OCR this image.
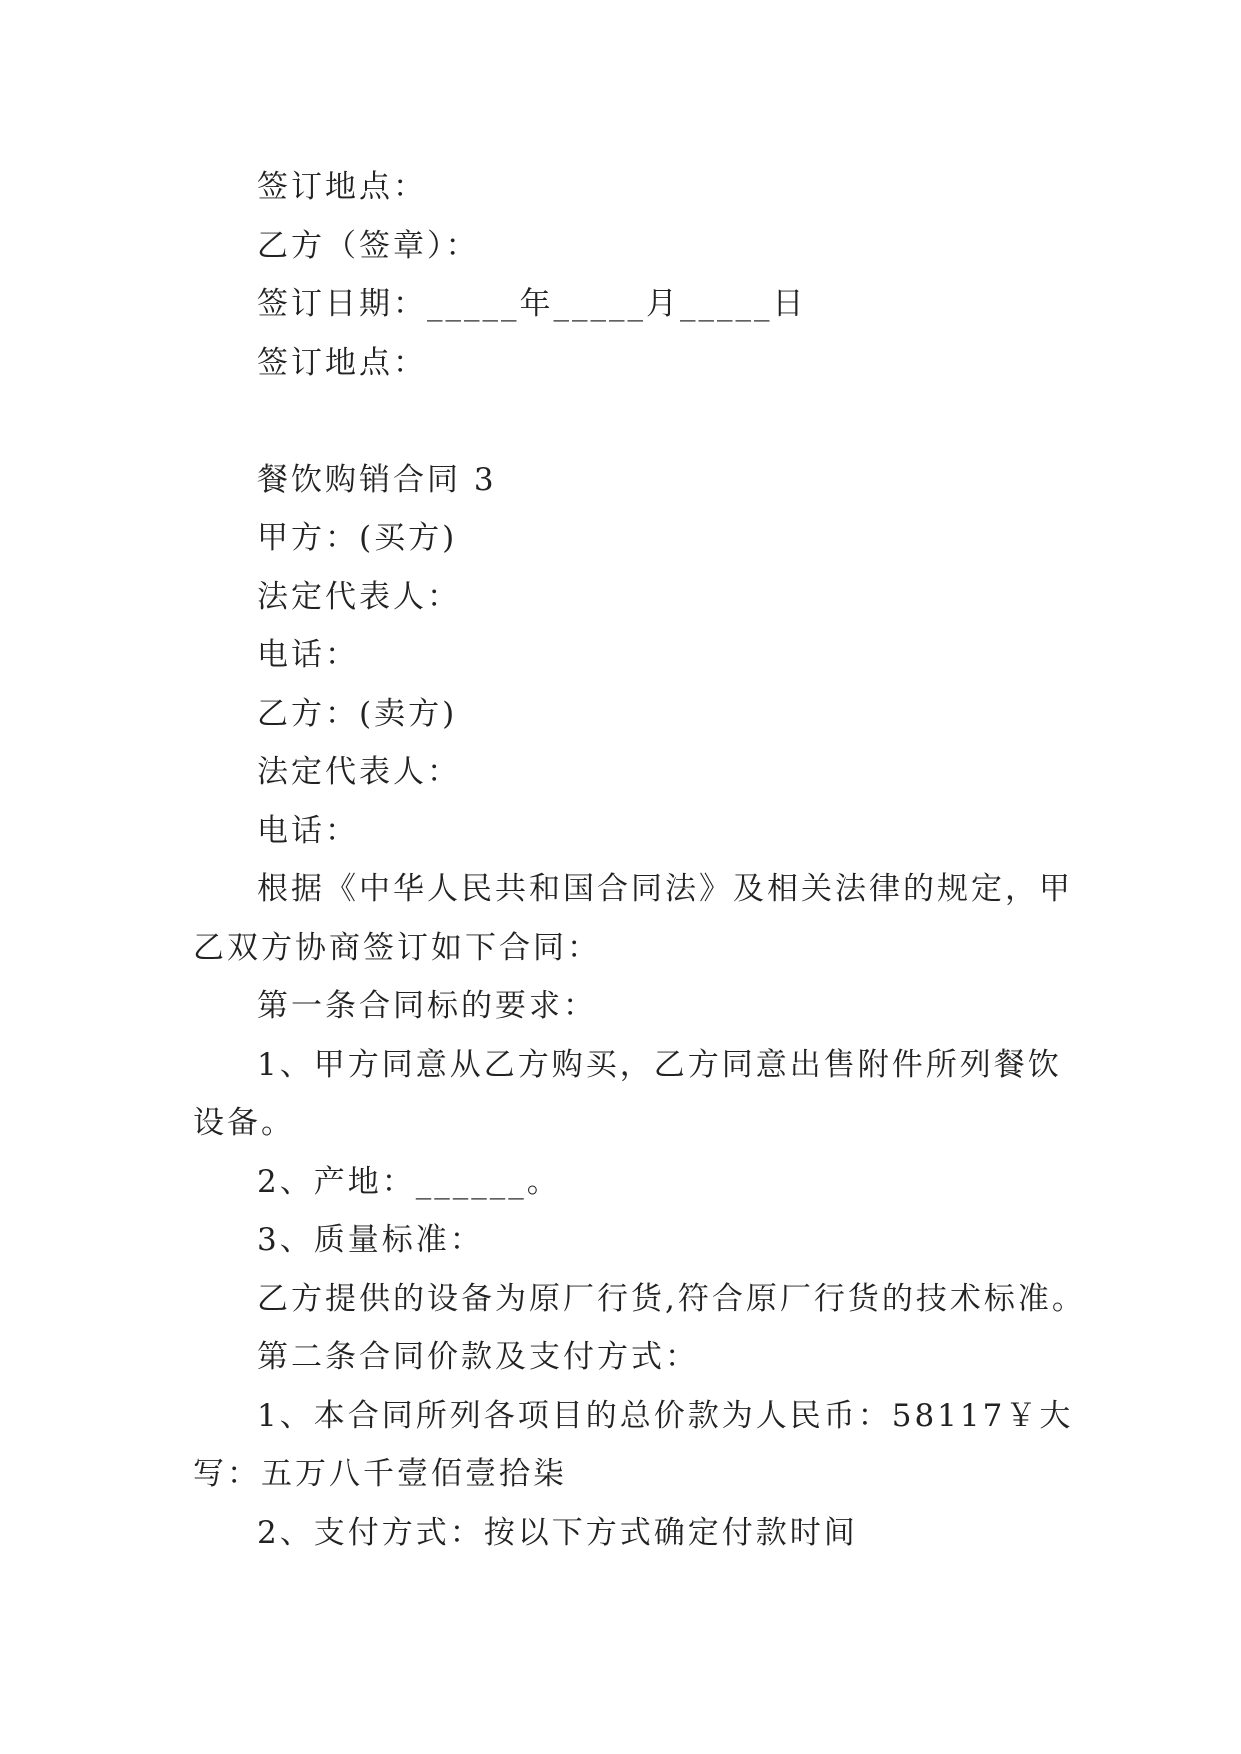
签订地点：
乙方（签章）：
签订日期：_____年_____月_____日
签订地点：
餐饮购销合同 3
甲方：(买方)
法定代表人：
电话：
乙方：(卖方)
法定代表人：
电话：
根据《中华人民共和国合同法》及相关法律的规定，甲
乙双方协商签订如下合同：
第一条合同标的要求：
1、甲方同意从乙方购买，乙方同意出售附件所列餐饮
设备。
2、产地：______。
3、质量标准：
乙方提供的设备为原厂行货,符合原厂行货的技术标准。
第二条合同价款及支付方式：
1、本合同所列各项目的总价款为人民币：58117￥大
写：五万八千壹佰壹拾柒
2、支付方式：按以下方式确定付款时间
